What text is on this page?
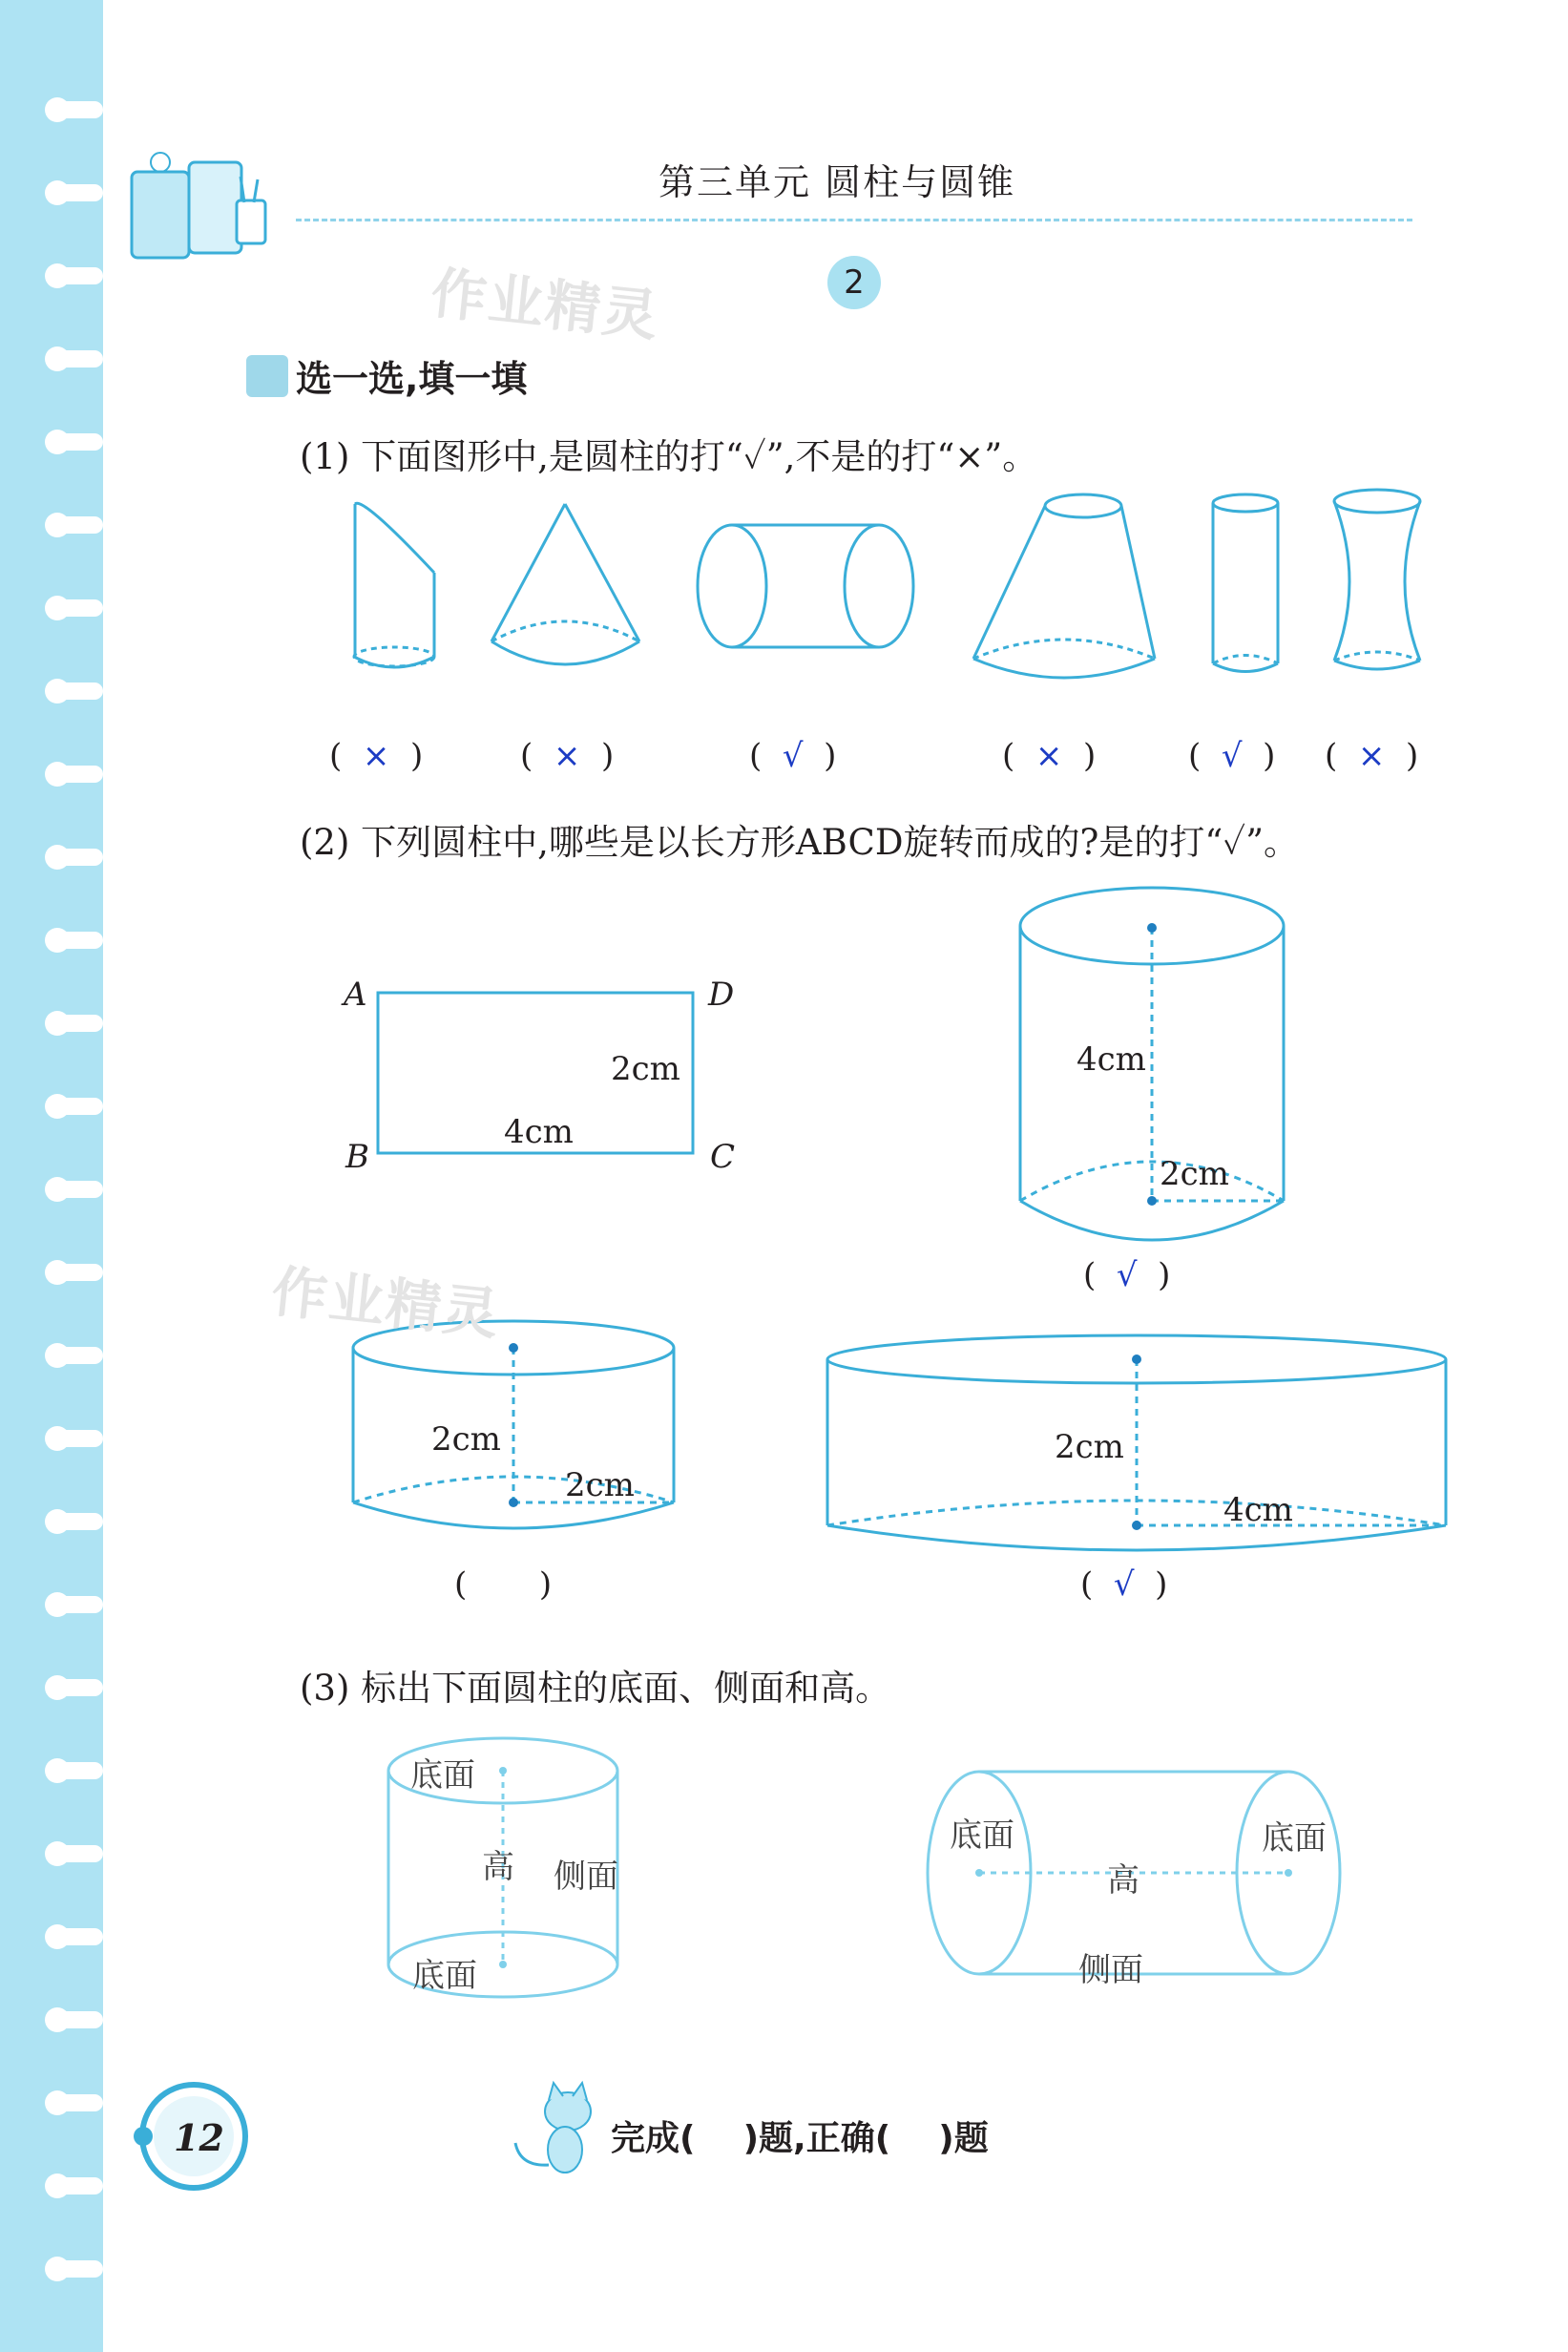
第三单元 圆柱与圆锥
2
作业精灵
选一选,填一填
(1) 下面图形中,是圆柱的打“✓”,不是的打“×”。
(  ×  )	(  ×  )	(  √  )	(  ×  )	(  √  ) (  ×  )
(2) 下列圆柱中,哪些是以长方形ABCD旋转而成的?是的打“✓”。
A	D
B	C
2cm
4cm
4cm
2cm
(  √  )
作业精灵
2cm
2cm
(       )
2cm
4cm
(  √  )
(3) 标出下面圆柱的底面、侧面和高。
底面
高 侧面
底面
底面
高
侧面
底面
12	完成(    )题,正确(    )题
